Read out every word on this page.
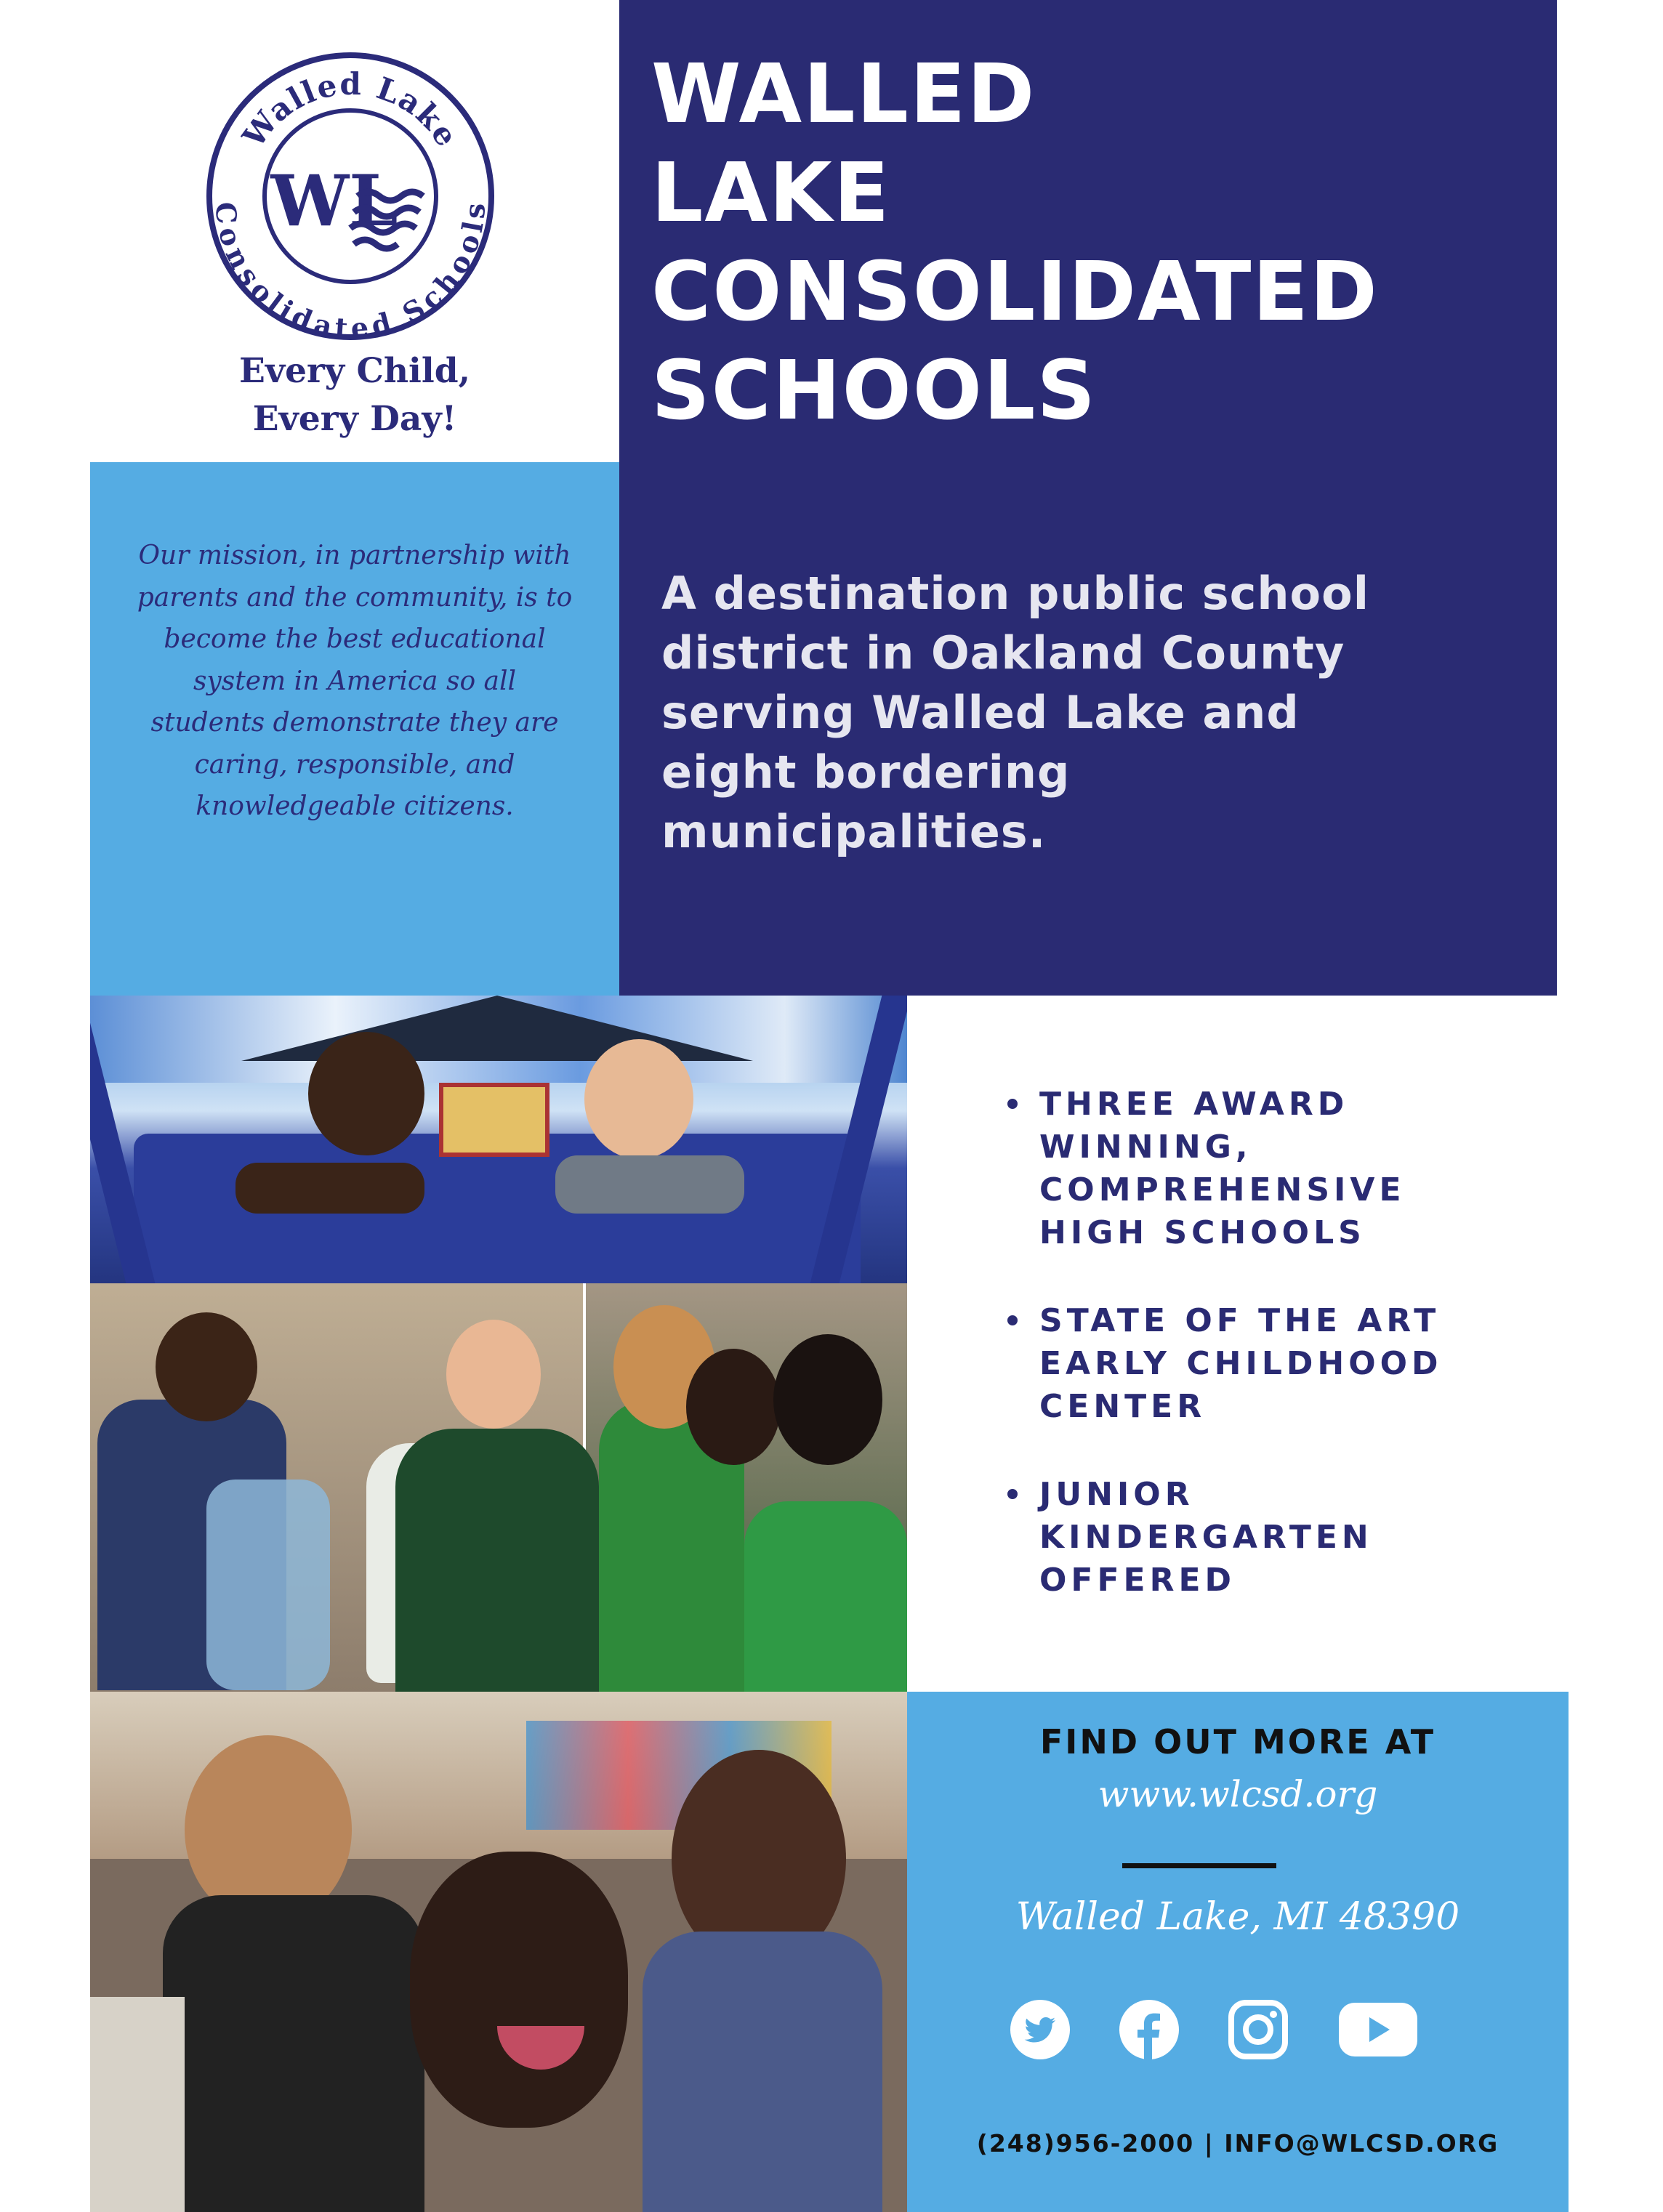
Walled Lake
Consolidated Schools
WL
Every Child,
Every Day!
WALLED
LAKE
CONSOLIDATED
SCHOOLS

A destination public school district in Oakland County serving Walled Lake and eight bordering municipalities.

Our mission, in partnership with parents and the community, is to become the best educational system in America so all students demonstrate they are caring, responsible, and knowledgeable citizens.

THREE AWARD WINNING, COMPREHENSIVE HIGH SCHOOLS
STATE OF THE ART EARLY CHILDHOOD CENTER
JUNIOR KINDERGARTEN OFFERED
FIND OUT MORE AT
www.wlcsd.org
Walled Lake, MI 48390
(248)956-2000 | INFO@WLCSD.ORG
